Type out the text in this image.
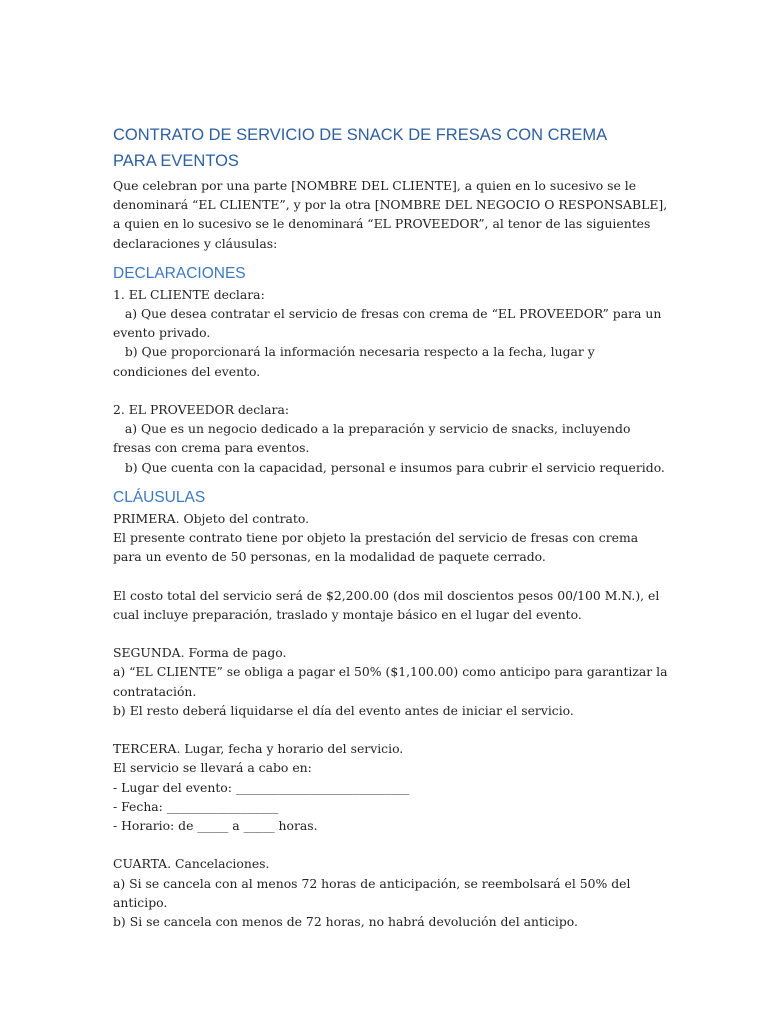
CONTRATO DE SERVICIO DE SNACK DE FRESAS CON CREMA PARA EVENTOS

Que celebran por una parte [NOMBRE DEL CLIENTE], a quien en lo sucesivo se le denominará “EL CLIENTE”, y por la otra [NOMBRE DEL NEGOCIO O RESPONSABLE], a quien en lo sucesivo se le denominará “EL PROVEEDOR”, al tenor de las siguientes declaraciones y cláusulas:

DECLARACIONES

1. EL CLIENTE declara:

a) Que desea contratar el servicio de fresas con crema de “EL PROVEEDOR” para un evento privado.

b) Que proporcionará la información necesaria respecto a la fecha, lugar y condiciones del evento.

2. EL PROVEEDOR declara:

a) Que es un negocio dedicado a la preparación y servicio de snacks, incluyendo fresas con crema para eventos.

b) Que cuenta con la capacidad, personal e insumos para cubrir el servicio requerido.

CLÁUSULAS

PRIMERA. Objeto del contrato.

El presente contrato tiene por objeto la prestación del servicio de fresas con crema para un evento de 50 personas, en la modalidad de paquete cerrado.

El costo total del servicio será de $2,200.00 (dos mil doscientos pesos 00/100 M.N.), el cual incluye preparación, traslado y montaje básico en el lugar del evento.

SEGUNDA. Forma de pago.

a) “EL CLIENTE” se obliga a pagar el 50% ($1,100.00) como anticipo para garantizar la contratación.

b) El resto deberá liquidarse el día del evento antes de iniciar el servicio.

TERCERA. Lugar, fecha y horario del servicio.

El servicio se llevará a cabo en:

- Lugar del evento: ____________________________

- Fecha: __________________

- Horario: de _____ a _____ horas.

CUARTA. Cancelaciones.

a) Si se cancela con al menos 72 horas de anticipación, se reembolsará el 50% del anticipo.

b) Si se cancela con menos de 72 horas, no habrá devolución del anticipo.
